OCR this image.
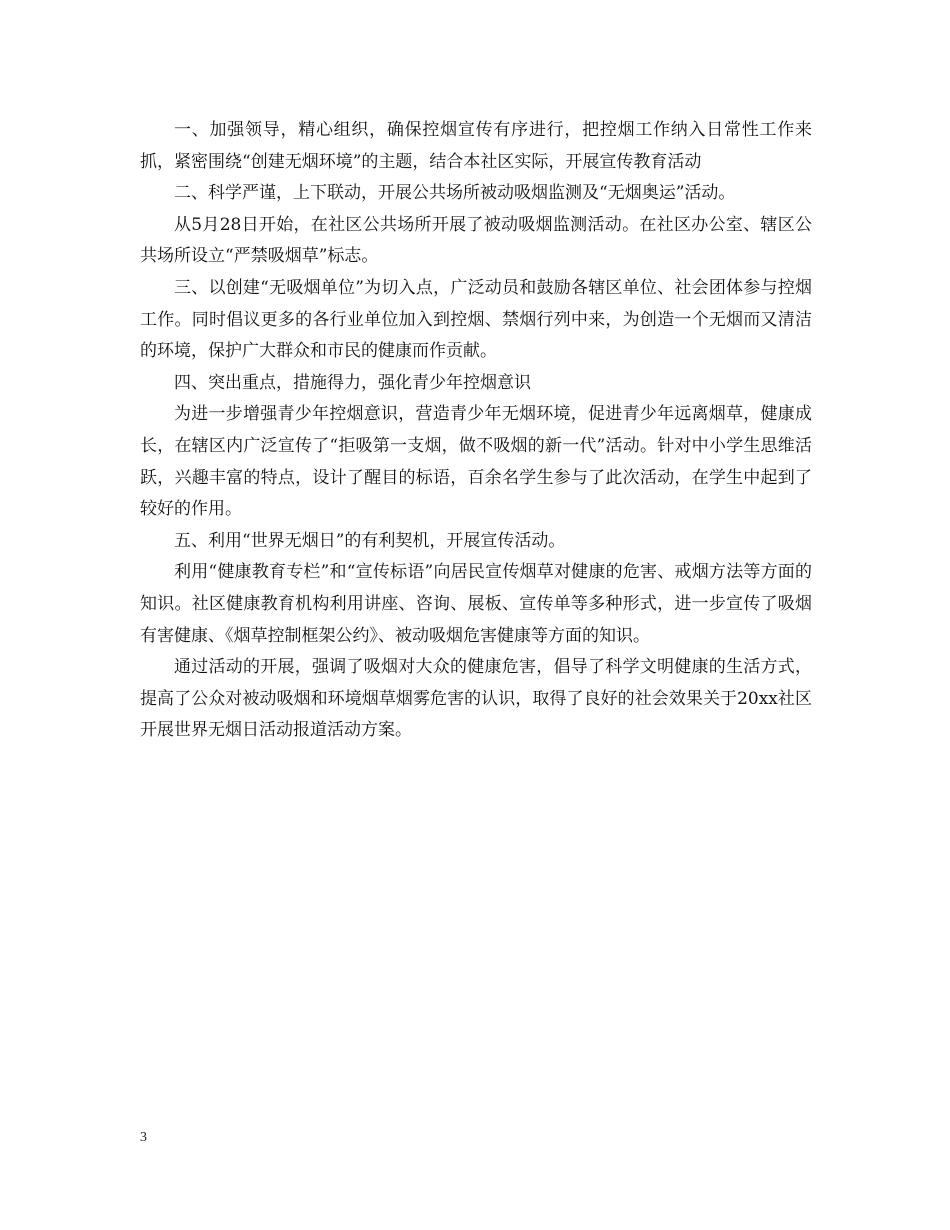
一、加强领导，精心组织，确保控烟宣传有序进行，把控烟工作纳入日常性工作来抓，紧密围绕“创建无烟环境”的主题，结合本社区实际，开展宣传教育活动

二、科学严谨，上下联动，开展公共场所被动吸烟监测及“无烟奥运”活动。

从5月28日开始，在社区公共场所开展了被动吸烟监测活动。在社区办公室、辖区公共场所设立“严禁吸烟草”标志。

三、以创建“无吸烟单位”为切入点，广泛动员和鼓励各辖区单位、社会团体参与控烟工作。同时倡议更多的各行业单位加入到控烟、禁烟行列中来，为创造一个无烟而又清洁的环境，保护广大群众和市民的健康而作贡献。

四、突出重点，措施得力，强化青少年控烟意识

为进一步增强青少年控烟意识，营造青少年无烟环境，促进青少年远离烟草，健康成长，在辖区内广泛宣传了“拒吸第一支烟，做不吸烟的新一代”活动。针对中小学生思维活跃，兴趣丰富的特点，设计了醒目的标语，百余名学生参与了此次活动，在学生中起到了较好的作用。

五、利用“世界无烟日”的有利契机，开展宣传活动。

利用“健康教育专栏”和“宣传标语”向居民宣传烟草对健康的危害、戒烟方法等方面的知识。社区健康教育机构利用讲座、咨询、展板、宣传单等多种形式，进一步宣传了吸烟有害健康、《烟草控制框架公约》、被动吸烟危害健康等方面的知识。

通过活动的开展，强调了吸烟对大众的健康危害，倡导了科学文明健康的生活方式，提高了公众对被动吸烟和环境烟草烟雾危害的认识，取得了良好的社会效果关于20xx社区开展世界无烟日活动报道活动方案。

3
